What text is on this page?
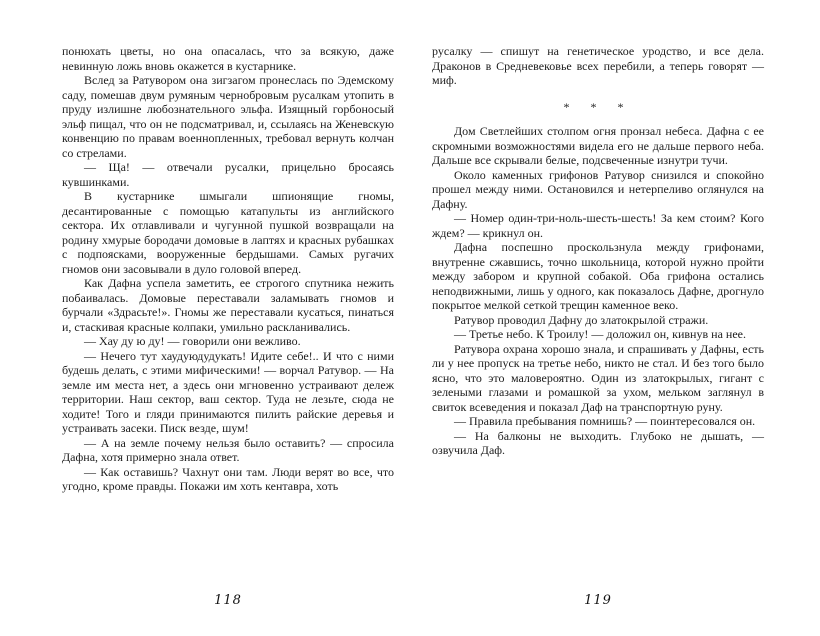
понюхать цветы, но она опасалась, что за всякую, даже невинную ложь вновь окажется в кустарнике.

Вслед за Ратувором она зигзагом пронеслась по Эдемскому саду, помешав двум румяным чернобровым русалкам утопить в пруду излишне любознательного эльфа. Изящный горбоносый эльф пищал, что он не подсматривал, и, ссылаясь на Женевскую конвенцию по правам военнопленных, требовал вернуть колчан со стрелами.

— Ща! — отвечали русалки, прицельно бросаясь кувшинками.

В кустарнике шмыгали шпионящие гномы, десантированные с помощью катапульты из английского сектора. Их отлавливали и чугунной пушкой возвращали на родину хмурые бородачи домовые в лаптях и красных рубашках с подпоясками, вооруженные бердышами. Самых ругачих гномов они засовывали в дуло головой вперед.

Как Дафна успела заметить, ее строгого спутника нежить побаивалась. Домовые переставали заламывать гномов и бурчали «Здрасьте!». Гномы же переставали кусаться, пинаться и, стаскивая красные колпаки, умильно раскланивались.

— Хау ду ю ду! — говорили они вежливо.

— Нечего тут хаудуюдудукать! Идите себе!.. И что с ними будешь делать, с этими мифическими! — ворчал Ратувор. — На земле им места нет, а здесь они мгновенно устраивают дележ территории. Наш сектор, ваш сектор. Туда не лезьте, сюда не ходите! Того и гляди принимаются пилить райские деревья и устраивать засеки. Писк везде, шум!

— А на земле почему нельзя было оставить? — спросила Дафна, хотя примерно знала ответ.

— Как оставишь? Чахнут они там. Люди верят во все, что угодно, кроме правды. Покажи им хоть кентавра, хоть

118

русалку — спишут на генетическое уродство, и все дела. Драконов в Средневековье всех перебили, а теперь говорят — миф.

* * *

Дом Светлейших столпом огня пронзал небеса. Дафна с ее скромными возможностями видела его не дальше первого неба. Дальше все скрывали белые, подсвеченные изнутри тучи.

Около каменных грифонов Ратувор снизился и спокойно прошел между ними. Остановился и нетерпеливо оглянулся на Дафну.

— Номер один-три-ноль-шесть-шесть! За кем стоим? Кого ждем? — крикнул он.

Дафна поспешно проскользнула между грифонами, внутренне сжавшись, точно школьница, которой нужно пройти между забором и крупной собакой. Оба грифона остались неподвижными, лишь у одного, как показалось Дафне, дрогнуло покрытое мелкой сеткой трещин каменное веко.

Ратувор проводил Дафну до златокрылой стражи.

— Третье небо. К Троилу! — доложил он, кивнув на нее.

Ратувора охрана хорошо знала, и спрашивать у Дафны, есть ли у нее пропуск на третье небо, никто не стал. И без того было ясно, что это маловероятно. Один из златокрылых, гигант с зелеными глазами и ромашкой за ухом, мельком заглянул в свиток всеведения и показал Даф на транспортную руну.

— Правила пребывания помнишь? — поинтересовался он.

— На балконы не выходить. Глубоко не дышать, — озвучила Даф.

119
